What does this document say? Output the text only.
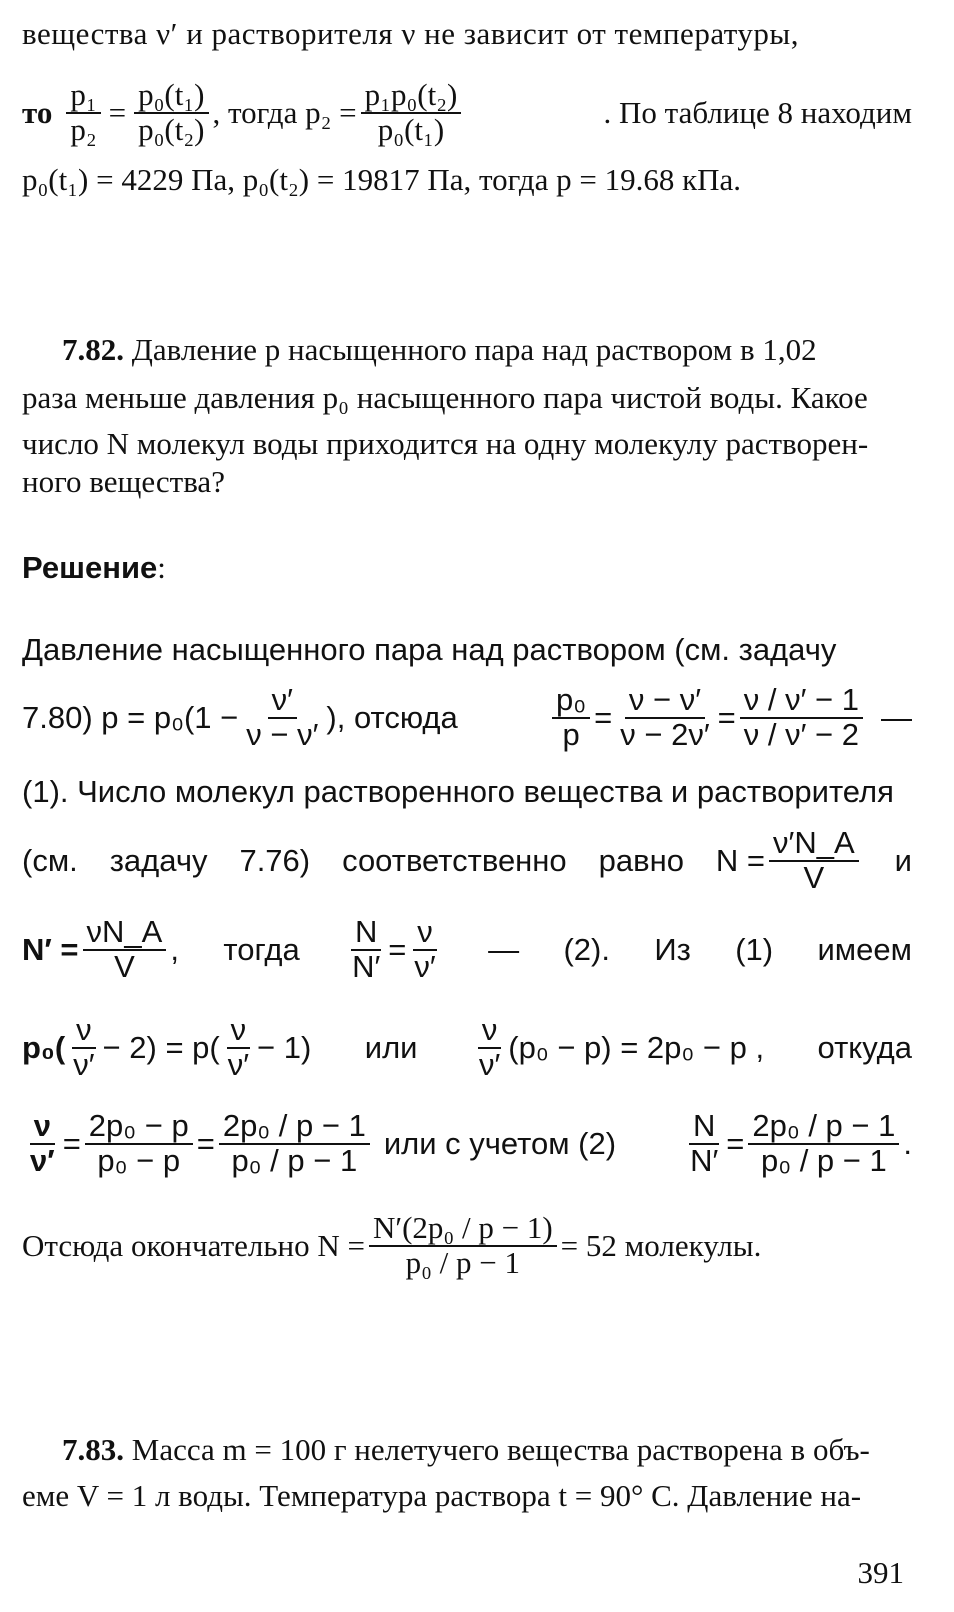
вещества ν′ и растворителя ν не зависит от температуры,
то $\frac{\text{p₁}}{\text{p₂}} = \frac{\text{p₀(t₁)}}{\text{p₀(t₂)}}$ , тогда $p_2 = \frac{\text{p₁p₀(t₂)}}{\text{p₀(t₁)}}$	. По таблице 8 находим
p₀(t₁) = 4229 Па, p₀(t₂) = 19817 Па, тогда p = 19.68 кПа.
7.82. Давление p насыщенного пара над раствором в 1,02
раза меньше давления p₀ насыщенного пара чистой воды. Какое
число N молекул воды приходится на одну молекулу растворен-
ного вещества?
Решение:
Давление насыщенного пара над раствором (см. задачу
7.80) $p = p_0(1 - \frac{\nu'}{\nu - \nu'}$ ), отсюда	$\frac{\text{p₀}}{p} = \frac{\nu - \nu'}{\nu - 2\nu'} = \frac{\nu / \nu' - 1}{\nu / \nu' - 2}$ —
(1). Число молекул растворенного вещества и растворителя
(см. задачу 7.76) соответственно равно $N = \frac{\nu'N\_A}{V}$ и
$N' = \frac{\nu N\_A}{V}$ , тогда $\frac{N}{N'} = \frac{\nu}{\nu'}$ — (2). Из (1) имеем
$p_0( \frac{\nu}{\nu'} - 2) = p( \frac{\nu}{\nu'} - 1)$ или $\frac{\nu}{\nu'} (p_0 - p) = 2p_0 - p$ , откуда
$\frac{\nu}{\nu'} = \frac{\text{2p₀ − p}}{\text{p₀ − p}} = \frac{\text{2p₀ / p − 1}}{\text{p₀ / p − 1}}$ или с учетом $(2) \frac{N}{N'} = \frac{\text{2p₀ / p − 1}}{\text{p₀ / p − 1}}$ .
Отсюда окончательно $N = \frac{\text{N′(2p₀ / p − 1)}}{\text{p₀ / p − 1}} = 52$ молекулы.
7.83. Масса m = 100 г нелетучего вещества растворена в объ-
еме V = 1 л воды. Температура раствора t = 90° С. Давление на-
391
